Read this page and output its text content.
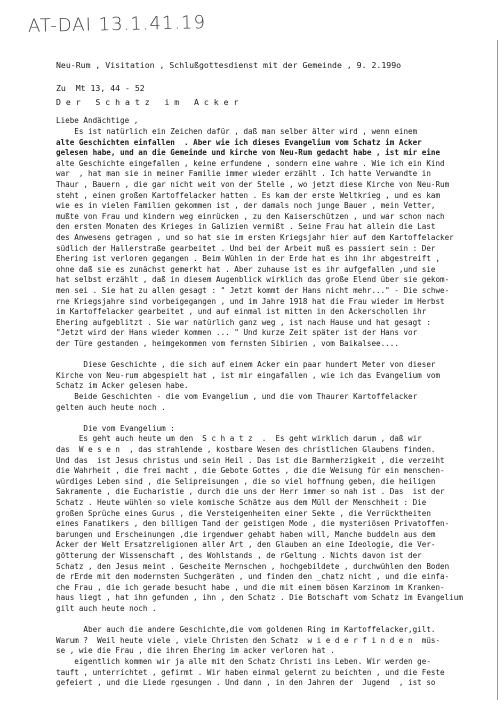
AT-DAI 13.1.41.19
Neu-Rum , Visitation , Schlußgottesdienst mit der Gemeinde , 9. 2.199o
Zu  Mt 13, 44 - 52
D e r   S c h a t z   i m   A c k e r
Liebe Andächtige ,
Es ist natürlich ein Zeichen dafür , daß man selber älter wird , wenn einem
alte Geschichten einfallen  . Aber wie ich dieses Evangelium vom Schatz im Acker
gelesen habe, und an die Gemeinde und kirche von Neu-Rum gedacht habe , ist mir eine
alte Geschichte eingefallen , keine erfundene , sondern eine wahre . Wie ich ein Kind
war  , hat man sie in meiner Familie immer wieder erzählt . Ich hatte Verwandte in
Thaur , Bauern , die gar nicht weit von der Stelle , wo jetzt diese Kirche von Neu-Rum
steht , einen großen Kartoffelacker hatten . Es kam der erste Weltkrieg , und es kam
wie es in vielen Familien gekommen ist , der damals noch junge Bauer , mein Vetter,
mußte von Frau und kindern weg einrücken , zu den Kaiserschützen , und war schon nach
den ersten Monaten des Krieges in Galizien vermißt . Seine Frau hat allein die Last
des Anwesens getragen , und so hat sie im ersten Kriegsjahr hier auf dem Kartoffelacker
südlich der Hallerstraße gearbeitet . Und bei der Arbeit muß es passiert sein : Der
Ehering ist verloren gegangen . Beim Wühlen in der Erde hat es ihn ihr abgestreift ,
ohne daß sie es zunächst gemerkt hat . Aber zuhause ist es ihr aufgefallen ,und sie
hat selbst erzählt , daß in diesem Augenblick wirklich das große Elend über sie gekom-
men sei . Sie hat zu allen gesagt : " Jetzt kommt der Hans nicht mehr..." - Die schwe-
rne Kriegsjahre sind vorbeigegangen , und im Jahre 1918 hat die Frau wieder im Herbst
im Kartoffelacker gearbeitet , und auf einmal ist mitten in den Ackerschollen ihr
Ehering aufgeblitzt . Sie war natürlich ganz weg , ist nach Hause und hat gesagt :
"Jetzt wird der Hans wieder kommen ... " Und kurze Zeit später ist der Hans vor
der Türe gestanden , heimgekommen vom fernsten Sibirien , vom Baikalsee....
Diese Geschichte , die sich auf einem Acker ein paar hundert Meter von dieser
Kirche von Neu-rum abgespielt hat , ist mir eingafallen , wie ich das Evangelium vom
Schatz im Acker gelesen habe.
Beide Geschichten - die vom Evangelium , und die vom Thaurer Kartoffelacker
gelten auch heute noch .
Die vom Evangelium :
Es geht auch heute um den  S c h a t z  .  Es geht wirklich darum , daß wir
das  W e s e n  , das strahlende , kostbare Wesen des christlichen Glaubens finden.
Und das  ist Jesus christus und sein Heil . Das ist die Barmherzigkeit , die verzeiht
die Wahrheit , die frei macht , die Gebote Gottes , die die Weisung für ein menschen-
würdiges Leben sind , die Selipreisungen , die so viel hoffnung geben, die heiligen
Sakramente , die Eucharistie , durch die uns der Herr immer so nah ist . Das  ist der
Schatz . Heute wühlen so viele komische Schätze aus dem Müll der Menschheit : Die
großen Sprüche eines Gurus , die Versteigenheiten einer Sekte , die Verrücktheiten
eines Fanatikers , den billigen Tand der geistigen Mode , die mysteriösen Privatoffen-
barungen und Erscheinungen ,die irgendwer gehabt haben will, Manche buddeln aus dem
Acker der Welt Ersatzreligionen aller Art , den Glauben an eine Ideologie, die Ver-
götterung der Wissenschaft , des Wohlstands , de rGeltung . Nichts davon ist der
Schatz , den Jesus meint . Gescheite Mernschen , hochgebildete , durchwühlen den Boden
de rErde mit den modernsten Suchgeräten , und finden den _chatz nicht , und die einfa-
che Frau , die ich gerade besucht habe , und die mit einem bösen Karzinom im Kranken-
haus liegt , hat ihn gefunden , ihn , den Schatz . Die Botschaft vom Schatz im Evangelium
gilt auch heute noch .
Aber auch die andere Geschichte,die vom goldenen Ring im Kartoffelacker,gilt.
Warum ?  Weil heute viele , viele Christen den Schatz  w i e d e r f i n d e n  müs-
se , wie die Frau , die ihren Ehering im acker verloren hat .
eigentlich kommen wir ja alle mit den Schatz Christi ins Leben. Wir werden ge-
tauft , unterrichtet , gefirmt . Wir haben einmal gelernt zu beichten , und die Feste
gefeiert , und die Liede rgesungen . Und dann , in den Jahren der  Jugend  , ist so
